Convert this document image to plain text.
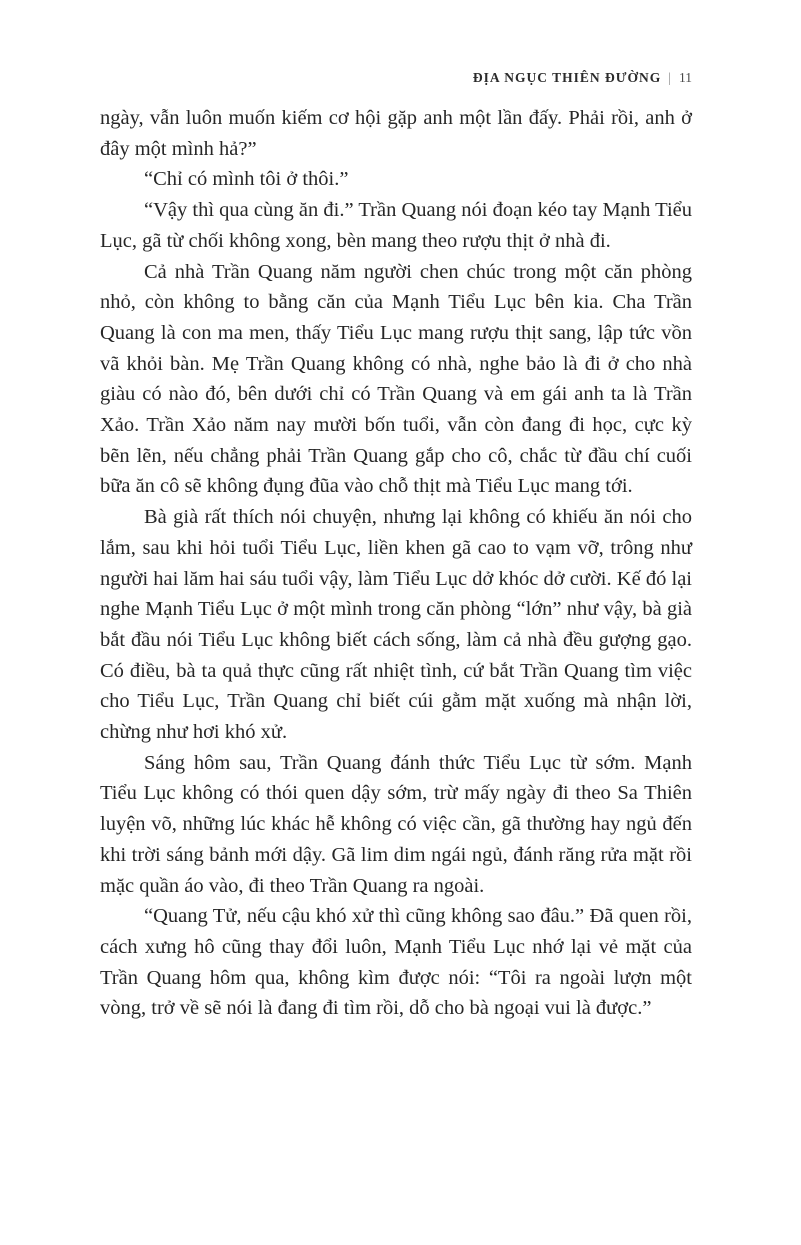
ĐỊA NGỤC THIÊN ĐƯỜNG | 11

ngày, vẫn luôn muốn kiếm cơ hội gặp anh một lần đấy. Phải rồi, anh ở đây một mình hả?”

“Chỉ có mình tôi ở thôi.”

“Vậy thì qua cùng ăn đi.” Trần Quang nói đoạn kéo tay Mạnh Tiểu Lục, gã từ chối không xong, bèn mang theo rượu thịt ở nhà đi.

Cả nhà Trần Quang năm người chen chúc trong một căn phòng nhỏ, còn không to bằng căn của Mạnh Tiểu Lục bên kia. Cha Trần Quang là con ma men, thấy Tiểu Lục mang rượu thịt sang, lập tức vồn vã khỏi bàn. Mẹ Trần Quang không có nhà, nghe bảo là đi ở cho nhà giàu có nào đó, bên dưới chỉ có Trần Quang và em gái anh ta là Trần Xảo. Trần Xảo năm nay mười bốn tuổi, vẫn còn đang đi học, cực kỳ bẽn lẽn, nếu chẳng phải Trần Quang gắp cho cô, chắc từ đầu chí cuối bữa ăn cô sẽ không đụng đũa vào chỗ thịt mà Tiểu Lục mang tới.

Bà già rất thích nói chuyện, nhưng lại không có khiếu ăn nói cho lắm, sau khi hỏi tuổi Tiểu Lục, liền khen gã cao to vạm vỡ, trông như người hai lăm hai sáu tuổi vậy, làm Tiểu Lục dở khóc dở cười. Kế đó lại nghe Mạnh Tiểu Lục ở một mình trong căn phòng “lớn” như vậy, bà già bắt đầu nói Tiểu Lục không biết cách sống, làm cả nhà đều gượng gạo. Có điều, bà ta quả thực cũng rất nhiệt tình, cứ bắt Trần Quang tìm việc cho Tiểu Lục, Trần Quang chỉ biết cúi gằm mặt xuống mà nhận lời, chừng như hơi khó xử.

Sáng hôm sau, Trần Quang đánh thức Tiểu Lục từ sớm. Mạnh Tiểu Lục không có thói quen dậy sớm, trừ mấy ngày đi theo Sa Thiên luyện võ, những lúc khác hễ không có việc cần, gã thường hay ngủ đến khi trời sáng bảnh mới dậy. Gã lim dim ngái ngủ, đánh răng rửa mặt rồi mặc quần áo vào, đi theo Trần Quang ra ngoài.

“Quang Tử, nếu cậu khó xử thì cũng không sao đâu.” Đã quen rồi, cách xưng hô cũng thay đổi luôn, Mạnh Tiểu Lục nhớ lại vẻ mặt của Trần Quang hôm qua, không kìm được nói: “Tôi ra ngoài lượn một vòng, trở về sẽ nói là đang đi tìm rồi, dỗ cho bà ngoại vui là được.”
